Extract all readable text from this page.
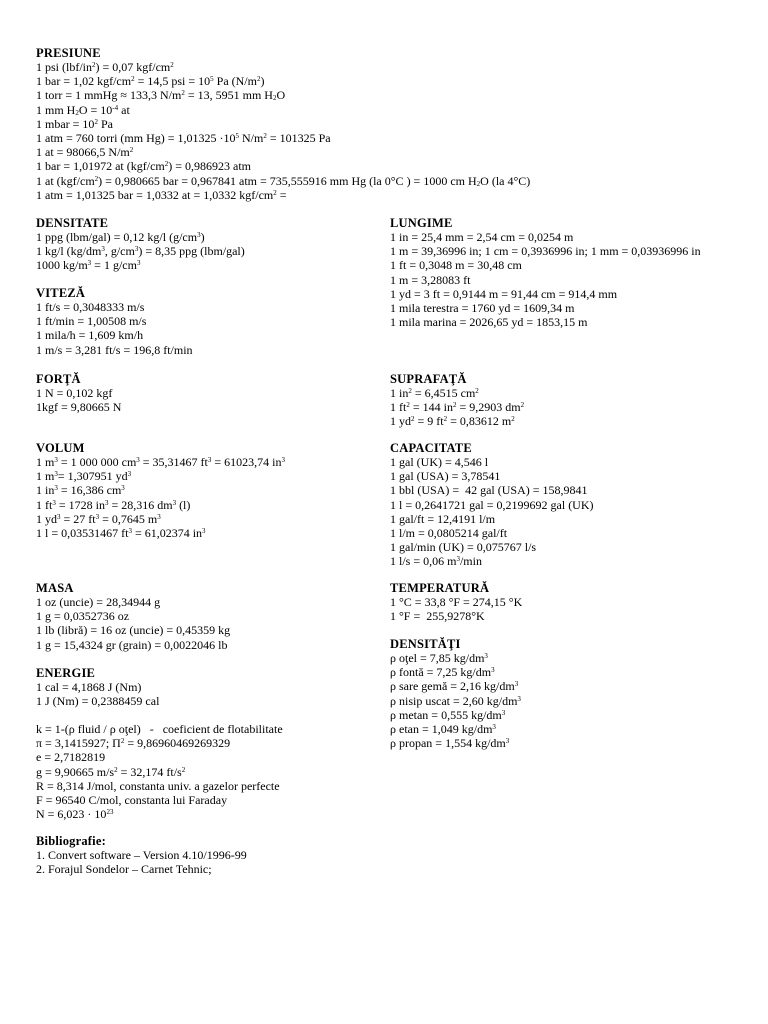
PRESIUNE
1 psi $(lbf/in^2) = 0,07$ kgf/$cm^2$
1 bar = 1,02 kgf/$cm^2 = 14,5$ psi = $10^5$ Pa $(N/m^2)$
1 torr = 1 mmHg ≈ 133,3 $N/m^2 = 13$, 5951 mm $H_2O$
1 mm $H_2O = 10^{-4}$ at
1 mbar = $10^2$ Pa
1 atm = 760 torri (mm $Hg) = 1,01325 \cdot 10^5$ $N/m^2 = 101325$ Pa
1 at = 98066,5 $N/m^2$
1 bar = 1,01972 at $(kgf/cm^2) = 0,986923$ atm
1 at $(kgf/cm^2) = 0,980665$ bar = 0,967841 atm = 735,555916 mm Hg (la 0°C ) = 1000 cm $H_2O$ (la 4°C)
1 atm = 1,01325 bar = 1,0332 at = 1,0332 kgf/$cm^2$ =
DENSITATE
1 ppg (lbm/gal) = 0,12 kg/l $(g/cm^3)$
1 kg/l ($kg/dm^3$, $g/cm^3) = 8,35$ ppg (lbm/gal)
1000 $kg/m^3 = 1$ $g/cm^3$
VITEZĂ
1 ft/s = 0,3048333 m/s
1 ft/min = 1,00508 m/s
1 mila/h = 1,609 km/h
1 m/s = 3,281 ft/s = 196,8 ft/min
FORŢĂ
1 N = 0,102 kgf
1kgf = 9,80665 N
VOLUM
1 $m^3 = 1$ 000 000 $cm^3 = 35,31467$ $ft^3 = 61023,74$ $in^3$
1 $m^3= 1,307951$ $yd^3$
1 $in^3 = 16,386$ $cm^3$
1 $ft^3 = 1728$ $in^3 = 28,316$ $dm^3$ (l)
1 $yd^3 = 27$ $ft^3 = 0,7645$ $m^3$
1 l = 0,03531467 $ft^3 = 61,02374$ $in^3$
MASA
1 oz (uncie) = 28,34944 g
1 g = 0,0352736 oz
1 lb (libră) = 16 oz (uncie) = 0,45359 kg
1 g = 15,4324 gr (grain) = 0,0022046 lb
ENERGIE
1 cal = 4,1868 J (Nm)
1 J (Nm) = 0,2388459 cal
k = 1-(ρ fluid / ρ oţel)   -   coeficient de flotabilitate
π = 3,1415927; $\Pi^2 = 9,86960469269329$
e = 2,7182819
g = 9,90665 $m/s^2 = 32,174$ $ft/s^2$
R = 8,314 J/mol, constanta univ. a gazelor perfecte
F = 96540 C/mol, constanta lui Faraday
$N = 6,023 \cdot 10^{23}$
Bibliografie:
1. Convert software – Version 4.10/1996-99
2. Forajul Sondelor – Carnet Tehnic;
LUNGIME
1 in = 25,4 mm = 2,54 cm = 0,0254 m
1 m = 39,36996 in; 1 cm = 0,3936996 in; 1 mm = 0,03936996 in
1 ft = 0,3048 m = 30,48 cm
1 m = 3,28083 ft
1 yd = 3 ft = 0,9144 m = 91,44 cm = 914,4 mm
1 mila terestra = 1760 yd = 1609,34 m
1 mila marina = 2026,65 yd = 1853,15 m
SUPRAFAŢĂ
1 $in^2 = 6,4515$ $cm^2$
1 $ft^2 = 144$ $in^2 = 9,2903$ $dm^2$
1 $yd^2 = 9$ $ft^2 = 0,83612$ $m^2$
CAPACITATE
1 gal (UK) = 4,546 l
1 gal (USA) = 3,78541
1 bbl (USA) =  42 gal (USA) = 158,9841
1 l = 0,2641721 gal = 0,2199692 gal (UK)
1 gal/ft = 12,4191 l/m
1 l/m = 0,0805214 gal/ft
1 gal/min (UK) = 0,075767 l/s
1 l/s = 0,06 $m^3/\min$
TEMPERATURĂ
1 °C = 33,8 °F = 274,15 °K
1 °F =  255,9278°K
DENSITĂŢI
ρ oţel = 7,85 $kg/dm^3$
ρ fontă = 7,25 $kg/dm^3$
ρ sare gemă = 2,16 $kg/dm^3$
ρ nisip uscat = 2,60 $kg/dm^3$
ρ metan = 0,555 $kg/dm^3$
ρ etan = 1,049 $kg/dm^3$
ρ propan = 1,554 $kg/dm^3$
